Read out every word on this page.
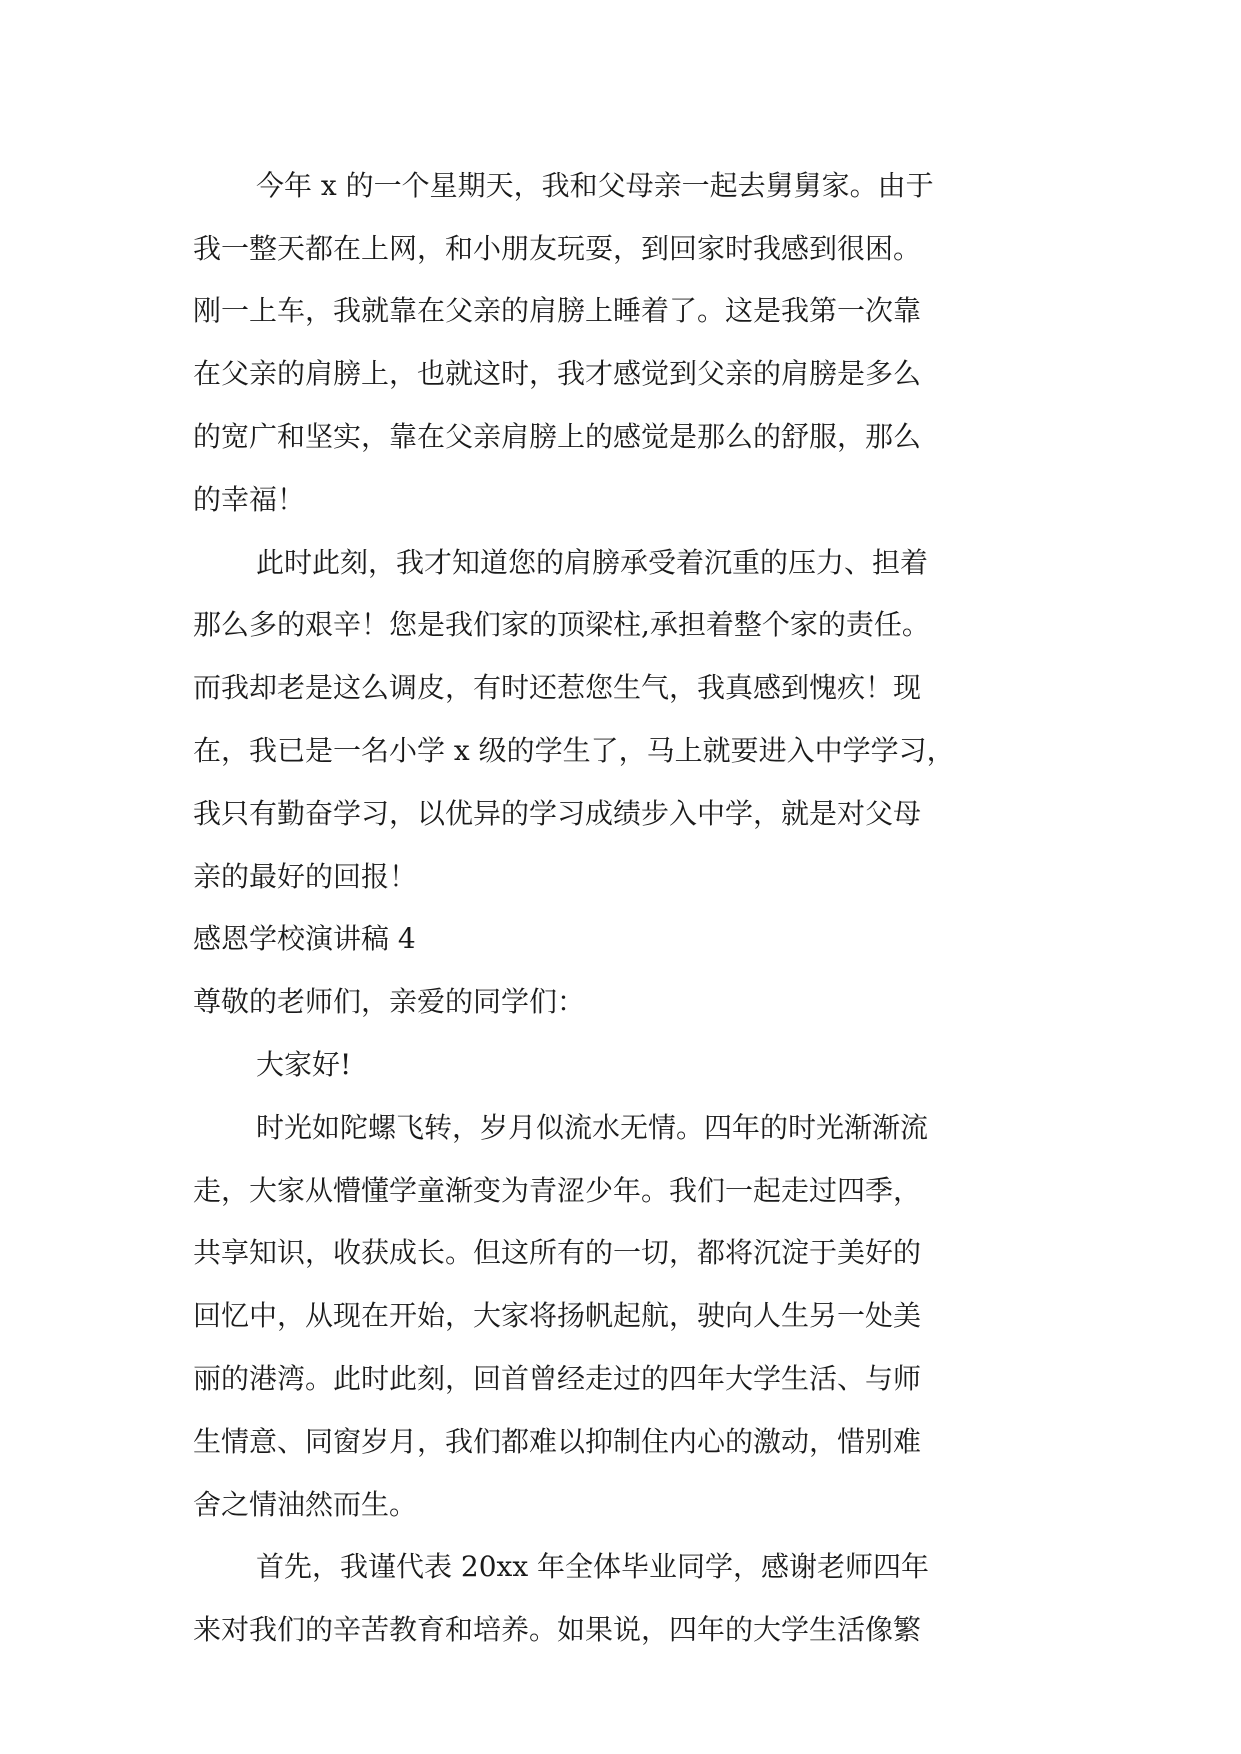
今年 x 的一个星期天，我和父母亲一起去舅舅家。由于
我一整天都在上网，和小朋友玩耍，到回家时我感到很困。
刚一上车，我就靠在父亲的肩膀上睡着了。这是我第一次靠
在父亲的肩膀上，也就这时，我才感觉到父亲的肩膀是多么
的宽广和坚实，靠在父亲肩膀上的感觉是那么的舒服，那么
的幸福！
此时此刻，我才知道您的肩膀承受着沉重的压力、担着
那么多的艰辛！您是我们家的顶梁柱,承担着整个家的责任。
而我却老是这么调皮，有时还惹您生气，我真感到愧疚！现
在，我已是一名小学 x 级的学生了，马上就要进入中学学习，
我只有勤奋学习，以优异的学习成绩步入中学，就是对父母
亲的最好的回报！
感恩学校演讲稿 4
尊敬的老师们，亲爱的同学们：
大家好!
时光如陀螺飞转，岁月似流水无情。四年的时光渐渐流
走，大家从懵懂学童渐变为青涩少年。我们一起走过四季，
共享知识，收获成长。但这所有的一切，都将沉淀于美好的
回忆中，从现在开始，大家将扬帆起航，驶向人生另一处美
丽的港湾。此时此刻，回首曾经走过的四年大学生活、与师
生情意、同窗岁月，我们都难以抑制住内心的激动，惜别难
舍之情油然而生。
首先，我谨代表 20xx 年全体毕业同学，感谢老师四年
来对我们的辛苦教育和培养。如果说，四年的大学生活像繁
